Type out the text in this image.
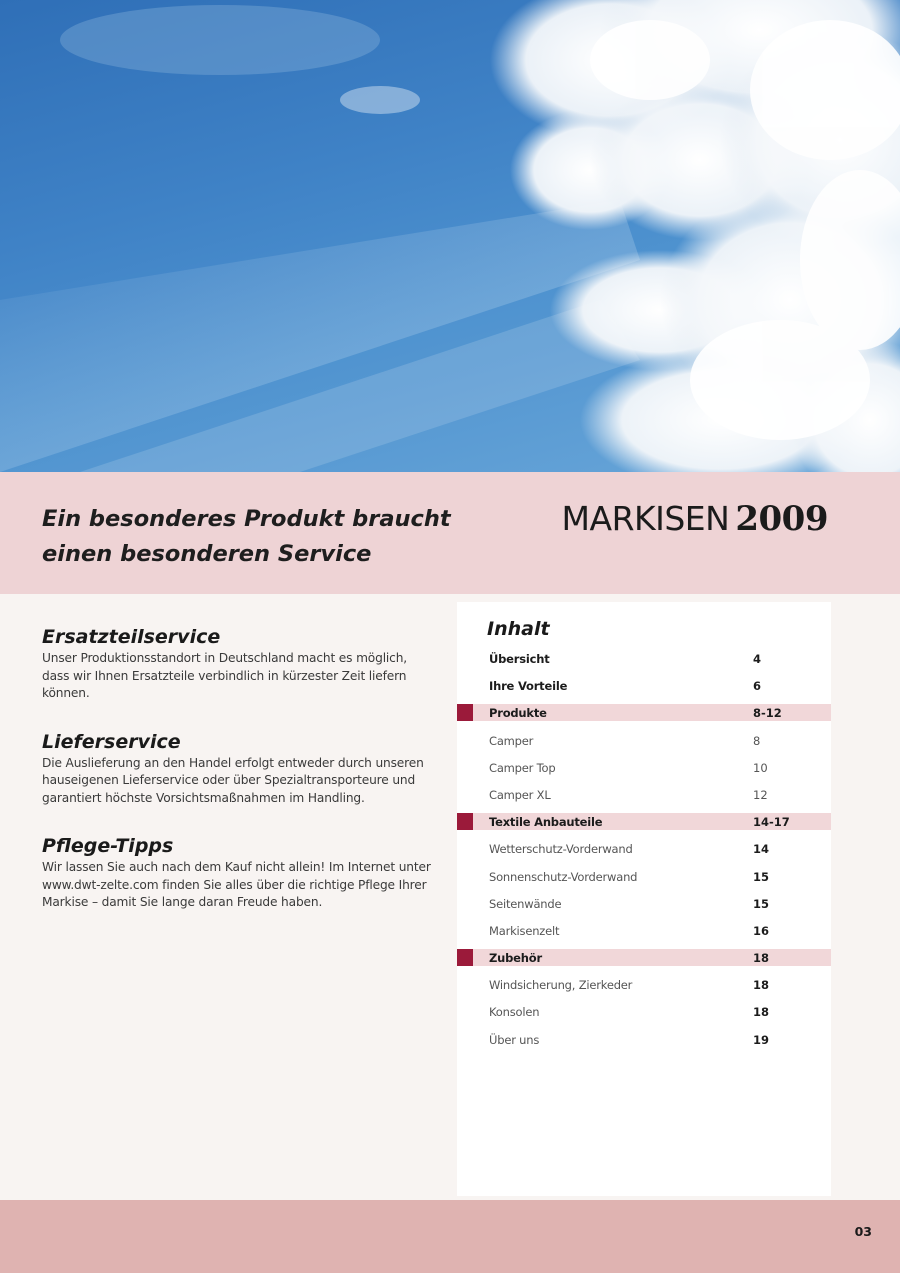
Ein besonderes Produkt braucht
einen besonderen Service
MARKISEN 2009
Ersatzteilservice

Unser Produktionsstandort in Deutschland macht es möglich,
dass wir Ihnen Ersatzteile verbindlich in kürzester Zeit liefern können.

Lieferservice

Die Auslieferung an den Handel erfolgt entweder durch unseren
hauseigenen Lieferservice oder über Spezialtransporteure und
garantiert höchste Vorsichtsmaßnahmen im Handling.

Pflege-Tipps

Wir lassen Sie auch nach dem Kauf nicht allein! Im Internet unter
www.dwt-zelte.com finden Sie alles über die richtige Pflege Ihrer
Markise – damit Sie lange daran Freude haben.

Inhalt
Übersicht	4
Ihre Vorteile	6
Produkte	8-12
Camper	8
Camper Top	10
Camper XL	12
Textile Anbauteile	14-17
Wetterschutz-Vorderwand	14
Sonnenschutz-Vorderwand	15
Seitenwände	15
Markisenzelt	16
Zubehör	18
Windsicherung, Zierkeder	18
Konsolen	18
Über uns	19
03
